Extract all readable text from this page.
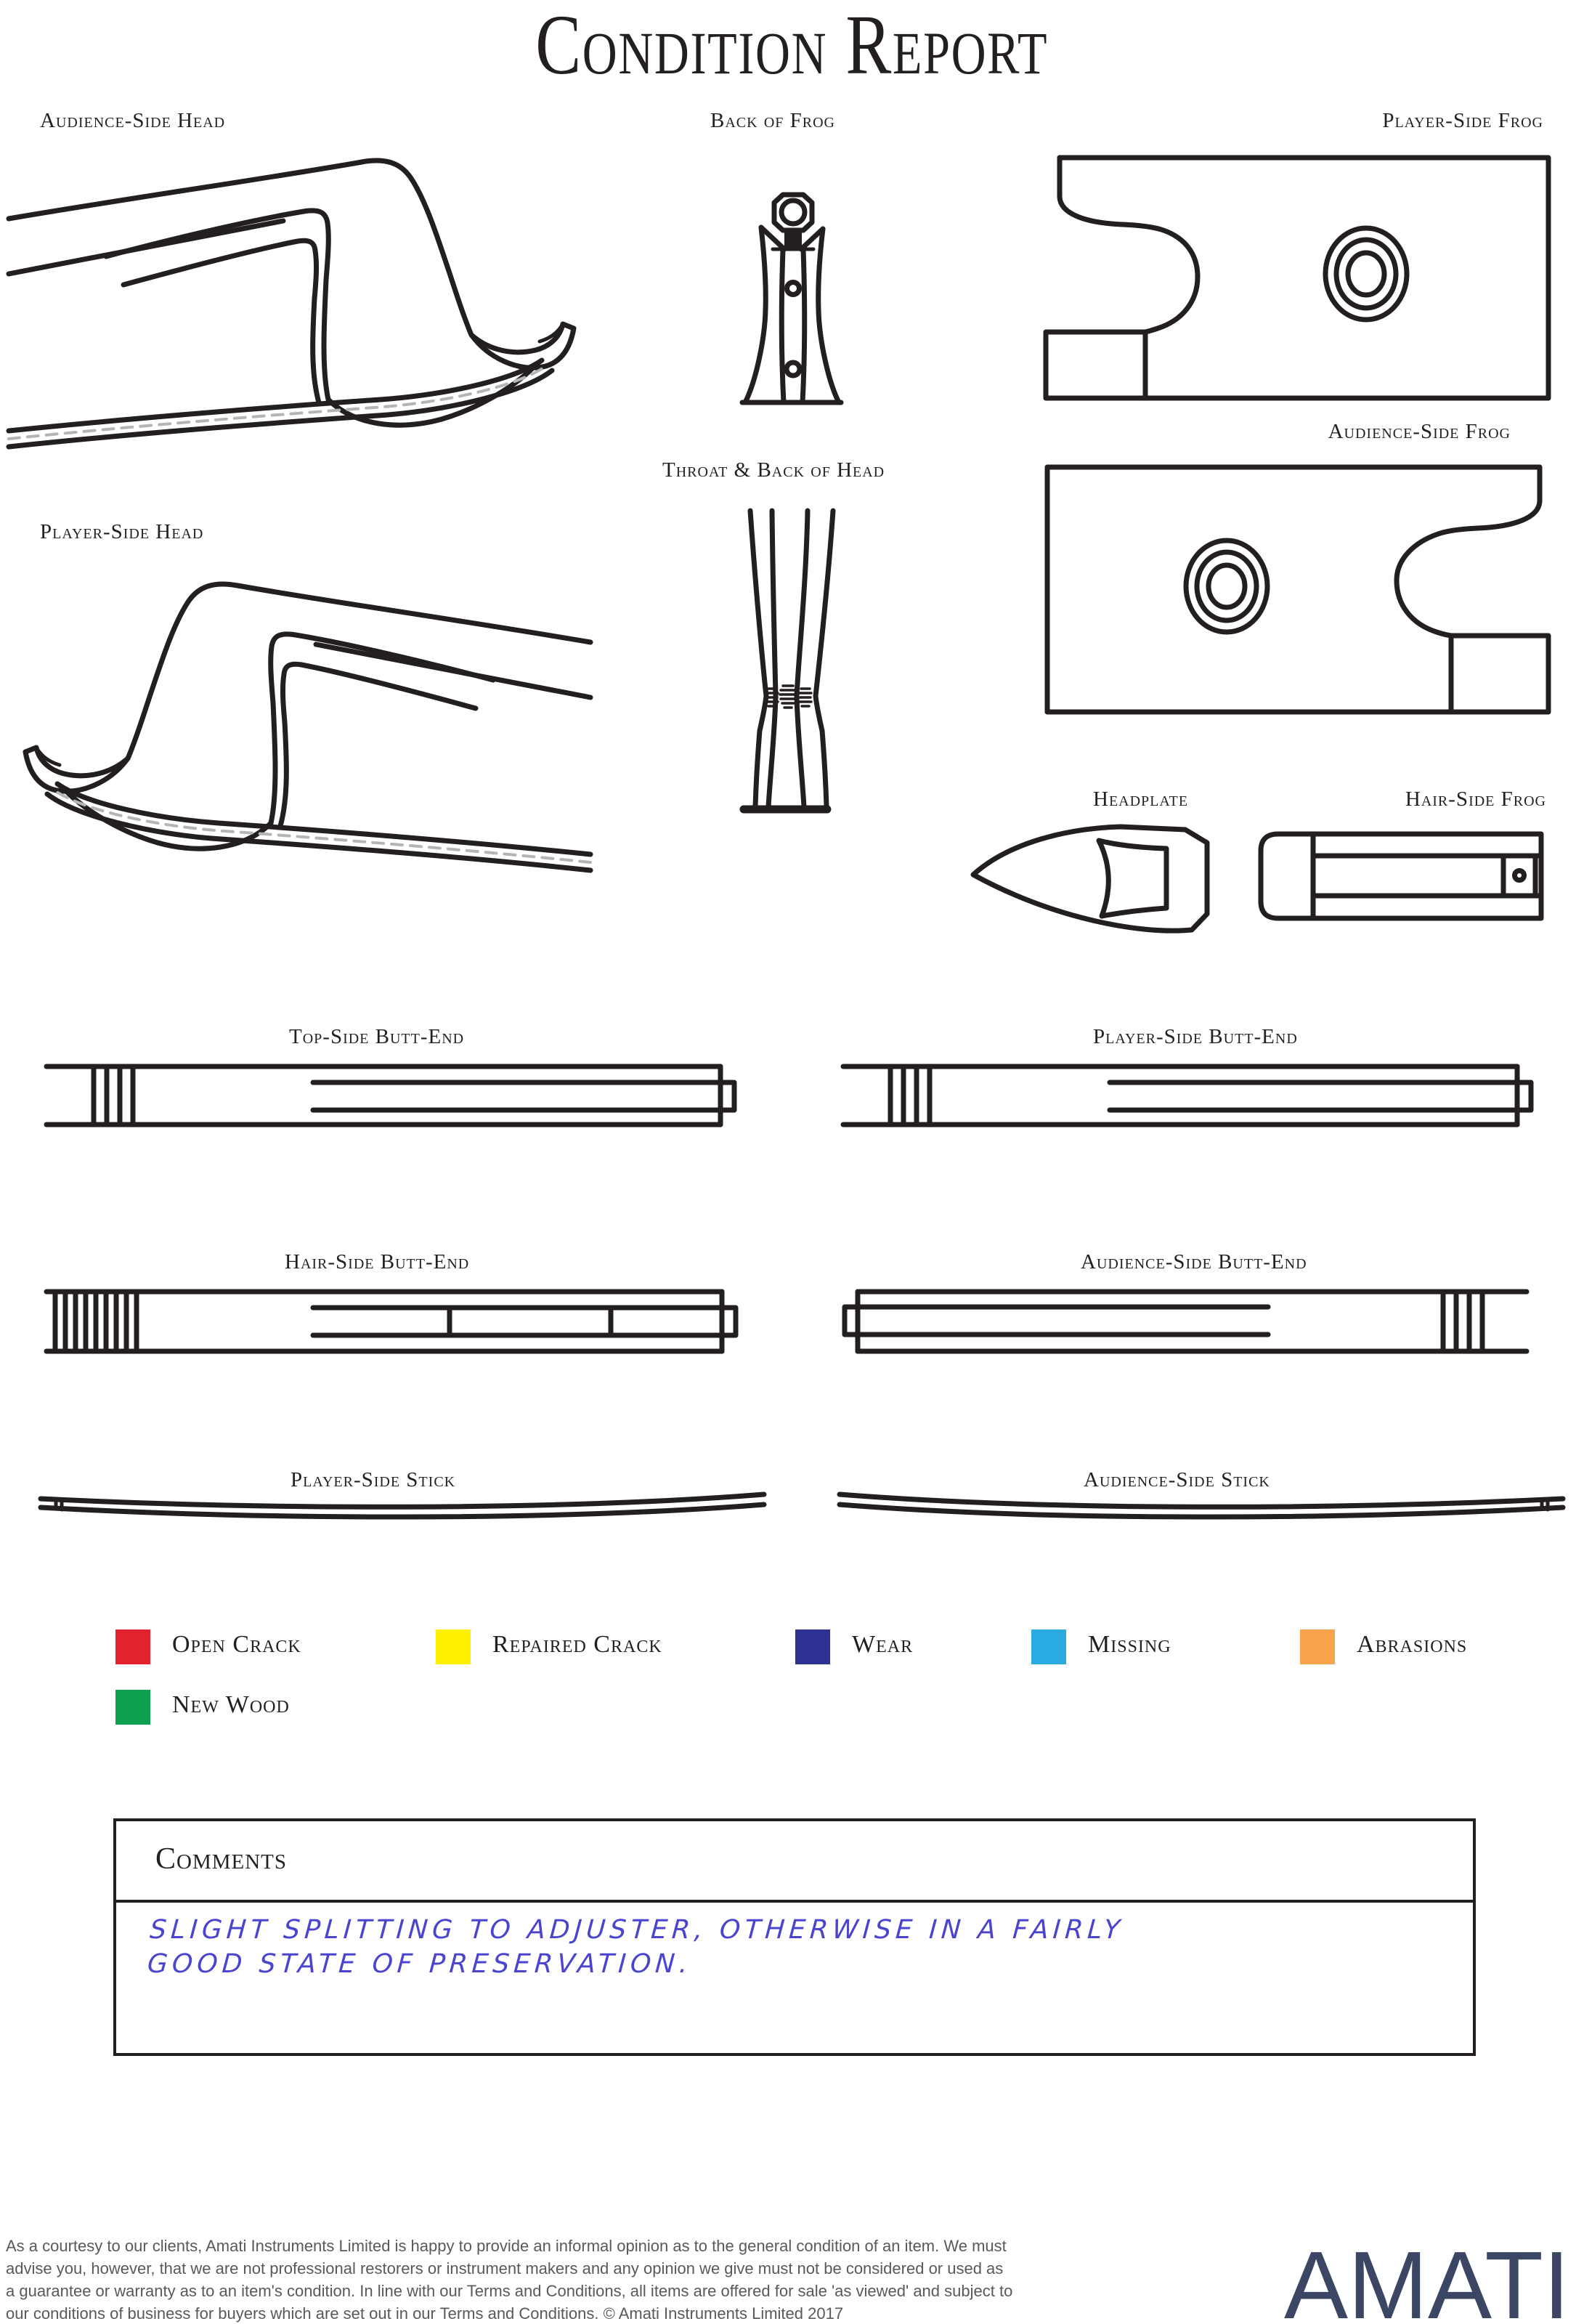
Condition Report
Audience-Side Head	Back of Frog	Player-Side Frog
Audience-Side Frog
Player-Side Head
Throat & Back of Head
Headplate	Hair-Side Frog
Top-Side Butt-End	Player-Side Butt-End
Hair-Side Butt-End	Audience-Side Butt-End
Player-Side Stick	Audience-Side Stick
Open Crack	Repaired Crack	Wear	Missing	Abrasions
New Wood
Comments
SLIGHT SPLITTING TO ADJUSTER, OTHERWISE IN A FAIRLY
GOOD STATE OF PRESERVATION.
As a courtesy to our clients, Amati Instruments Limited is happy to provide an informal opinion as to the general condition of an item. We must
advise you, however, that we are not professional restorers or instrument makers and any opinion we give must not be considered or used as
a guarantee or warranty as to an item's condition. In line with our Terms and Conditions, all items are offered for sale 'as viewed' and subject to
our conditions of business for buyers which are set out in our Terms and Conditions. © Amati Instruments Limited 2017	AMATI
